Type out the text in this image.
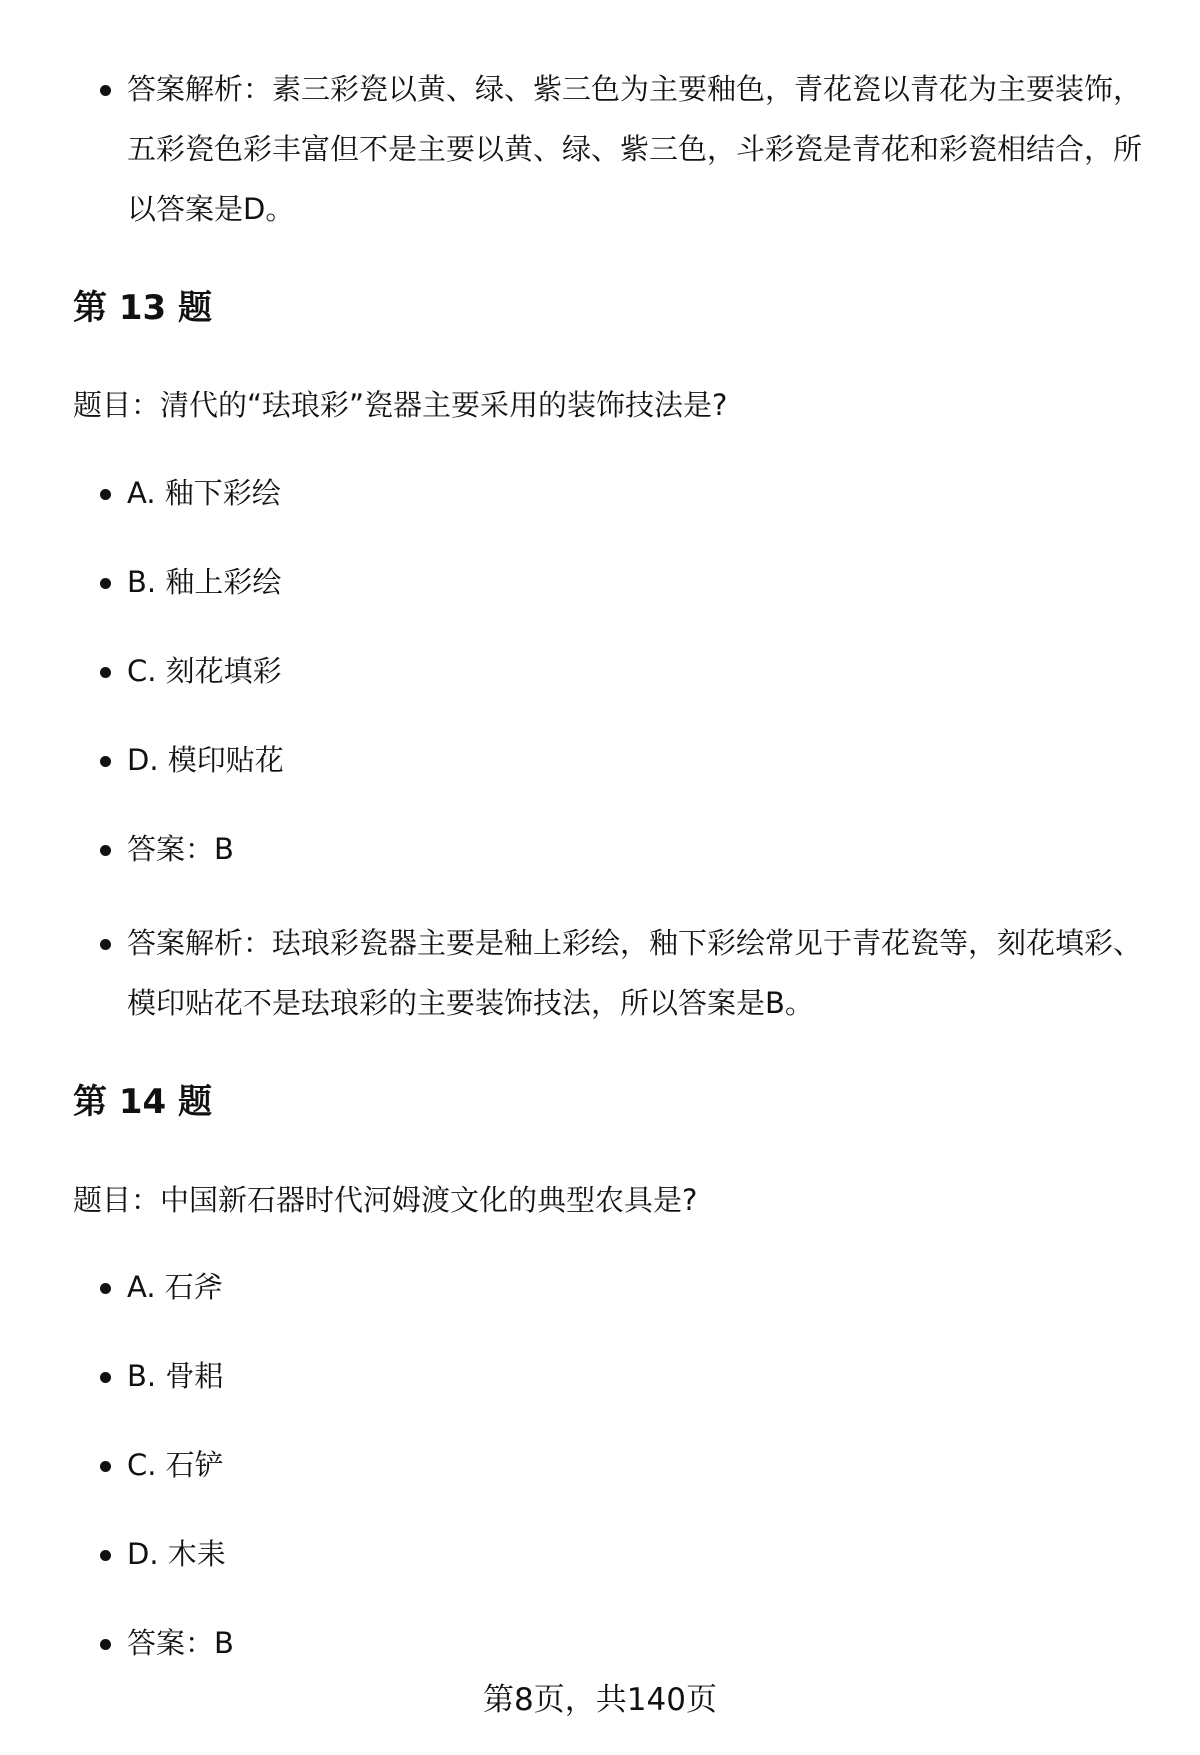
答案解析：素三彩瓷以黄、绿、紫三色为主要釉色，青花瓷以青花为主要装饰，五彩瓷色彩丰富但不是主要以黄、绿、紫三色，斗彩瓷是青花和彩瓷相结合，所以答案是D。
第 13 题
题目：清代的“珐琅彩”瓷器主要采用的装饰技法是?
A. 釉下彩绘
B. 釉上彩绘
C. 刻花填彩
D. 模印贴花
答案：B
答案解析：珐琅彩瓷器主要是釉上彩绘，釉下彩绘常见于青花瓷等，刻花填彩、模印贴花不是珐琅彩的主要装饰技法，所以答案是B。
第 14 题
题目：中国新石器时代河姆渡文化的典型农具是?
A. 石斧
B. 骨耜
C. 石铲
D. 木耒
答案：B
第8页，共140页
